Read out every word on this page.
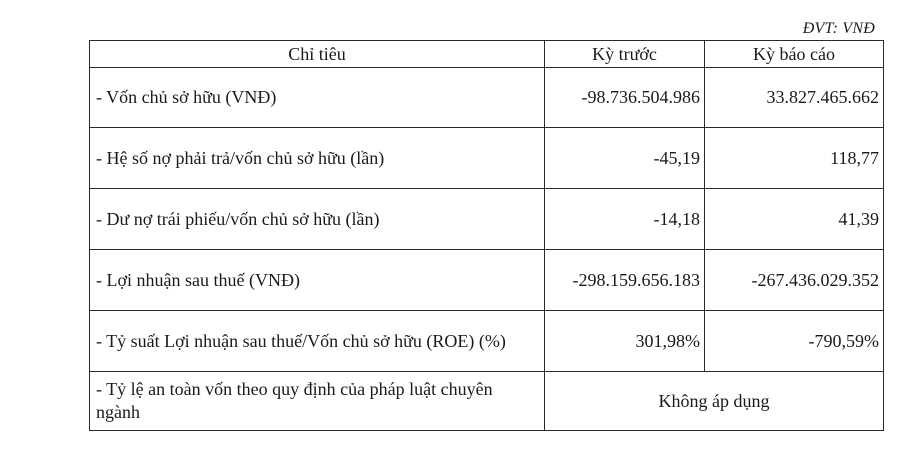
ĐVT: VNĐ
Chỉ tiêu	Kỳ trước	Kỳ báo cáo
- Vốn chủ sở hữu (VNĐ)	-98.736.504.986	33.827.465.662
- Hệ số nợ phải trả/vốn chủ sở hữu (lần)	-45,19	118,77
- Dư nợ trái phiếu/vốn chủ sở hữu (lần)	-14,18	41,39
- Lợi nhuận sau thuế (VNĐ)	-298.159.656.183	-267.436.029.352
- Tỷ suất Lợi nhuận sau thuế/Vốn chủ sở hữu (ROE) (%)	301,98%	-790,59%

- Tỷ lệ an toàn vốn theo quy định của pháp luật chuyên
ngành	Không áp dụng	
